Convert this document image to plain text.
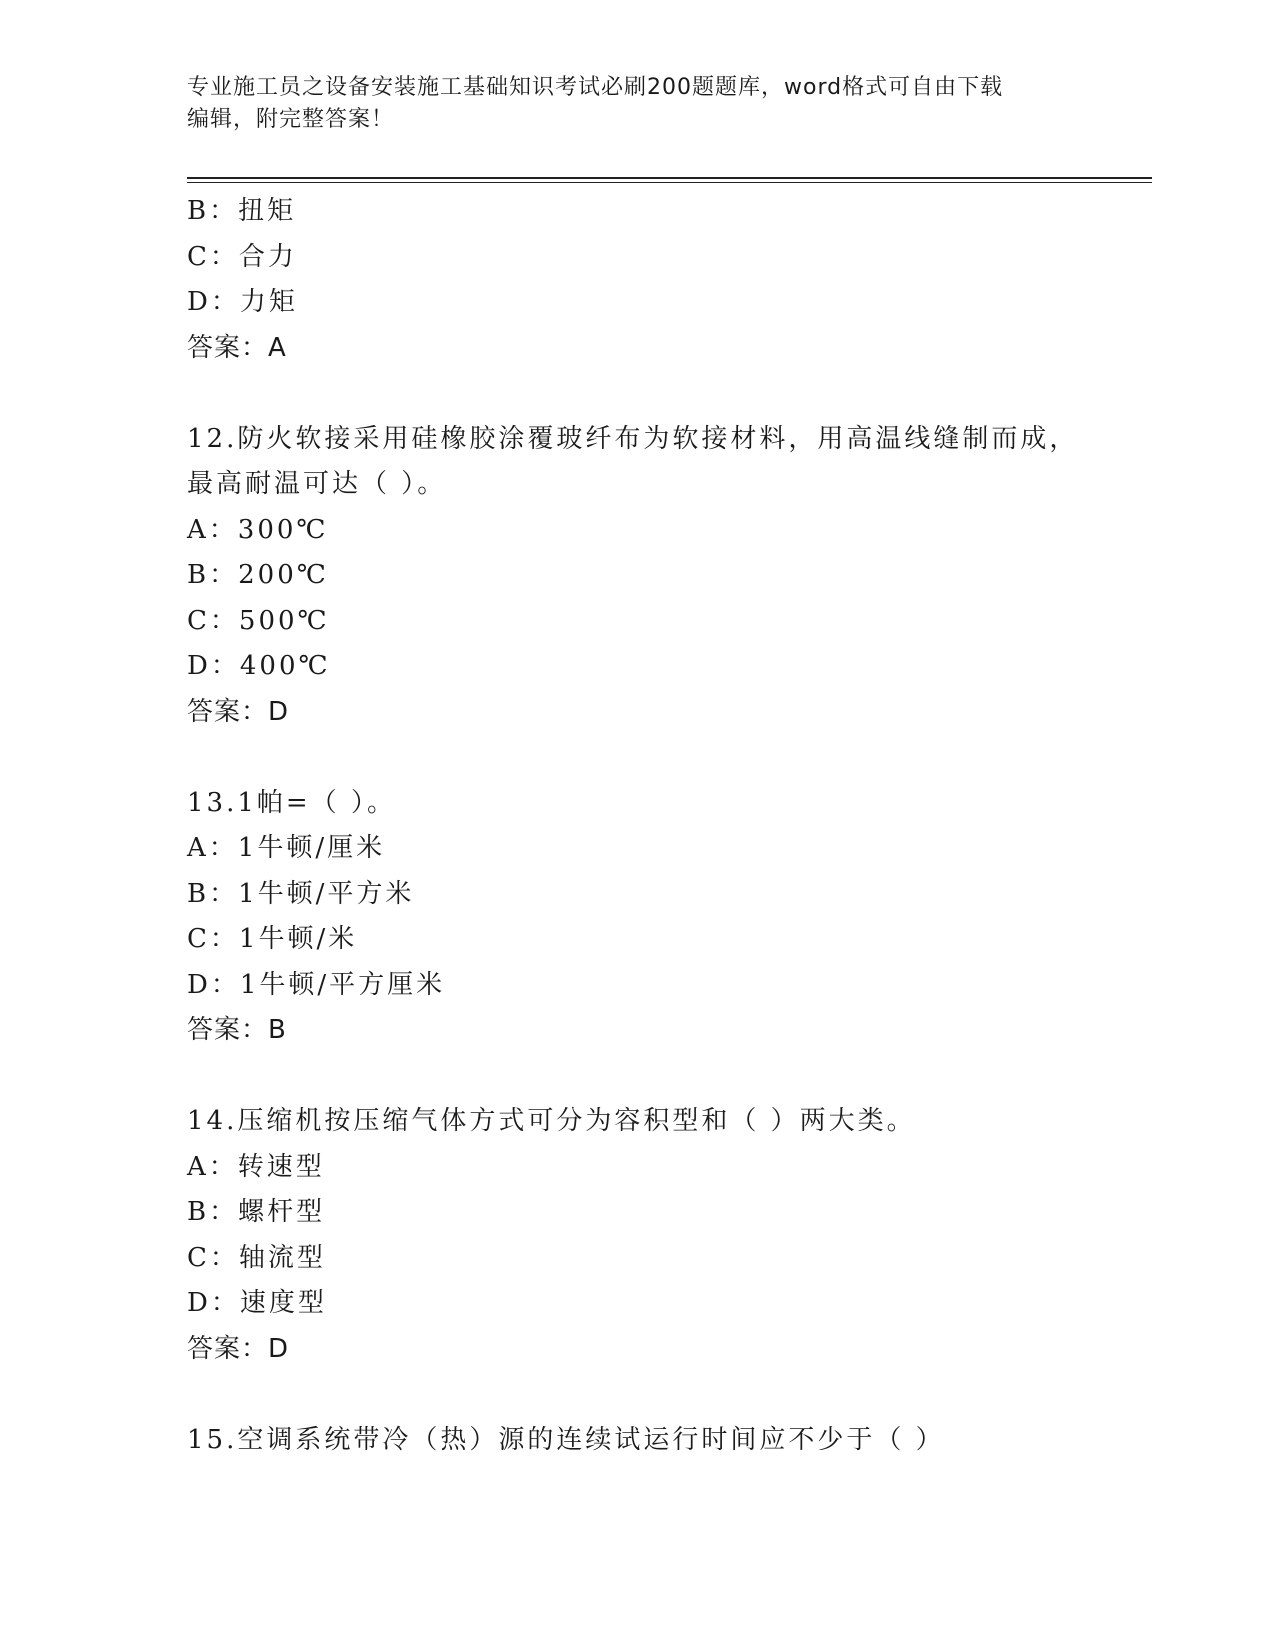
专业施工员之设备安装施工基础知识考试必刷200题题库，word格式可自由下载
编辑，附完整答案！
B：扭矩
C：合力
D：力矩
答案：A
12.防火软接采用硅橡胶涂覆玻纤布为软接材料，用高温线缝制而成，
最高耐温可达（ ）。
A：300℃
B：200℃
C：500℃
D：400℃
答案：D
13.1帕=（ ）。
A：1牛顿/厘米
B：1牛顿/平方米
C：1牛顿/米
D：1牛顿/平方厘米
答案：B
14.压缩机按压缩气体方式可分为容积型和（ ）两大类。
A：转速型
B：螺杆型
C：轴流型
D：速度型
答案：D
15.空调系统带冷（热）源的连续试运行时间应不少于（ ）
